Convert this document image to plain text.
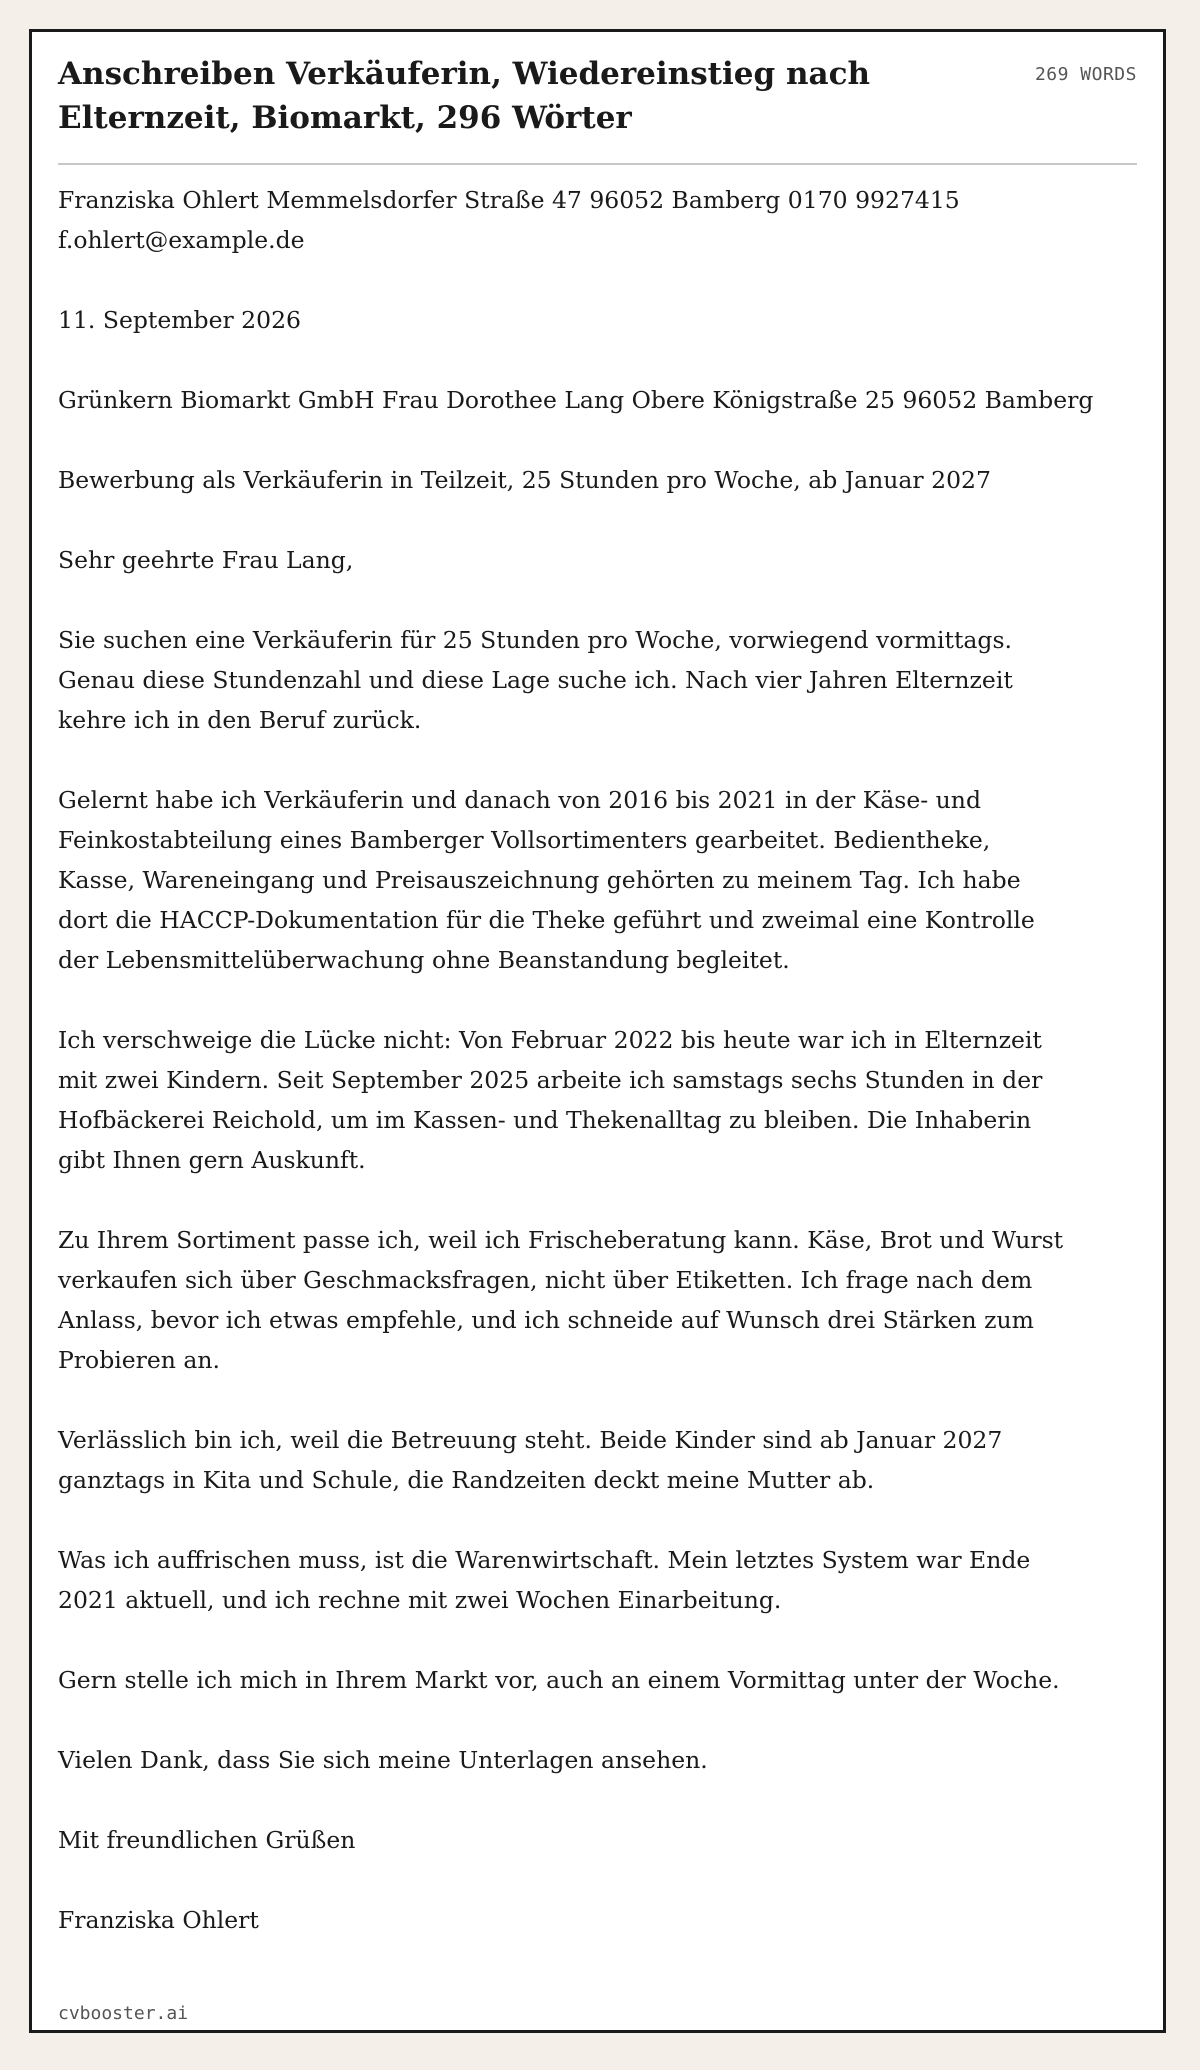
Anschreiben Verkäuferin, Wiedereinstieg nach Elternzeit, Biomarkt, 296 Wörter
269 WORDS

Franziska Ohlert Memmelsdorfer Straße 47 96052 Bamberg 0170 9927415 f.ohlert@example.de

11. September 2026

Grünkern Biomarkt GmbH Frau Dorothee Lang Obere Königstraße 25 96052 Bamberg

Bewerbung als Verkäuferin in Teilzeit, 25 Stunden pro Woche, ab Januar 2027

Sehr geehrte Frau Lang,

Sie suchen eine Verkäuferin für 25 Stunden pro Woche, vorwiegend vormittags. Genau diese Stundenzahl und diese Lage suche ich. Nach vier Jahren Elternzeit kehre ich in den Beruf zurück.

Gelernt habe ich Verkäuferin und danach von 2016 bis 2021 in der Käse- und Feinkostabteilung eines Bamberger Vollsortimenters gearbeitet. Bedientheke, Kasse, Wareneingang und Preisauszeichnung gehörten zu meinem Tag. Ich habe dort die HACCP-Dokumentation für die Theke geführt und zweimal eine Kontrolle der Lebensmittelüberwachung ohne Beanstandung begleitet.

Ich verschweige die Lücke nicht: Von Februar 2022 bis heute war ich in Elternzeit mit zwei Kindern. Seit September 2025 arbeite ich samstags sechs Stunden in der Hofbäckerei Reichold, um im Kassen- und Thekenalltag zu bleiben. Die Inhaberin gibt Ihnen gern Auskunft.

Zu Ihrem Sortiment passe ich, weil ich Frischeberatung kann. Käse, Brot und Wurst verkaufen sich über Geschmacksfragen, nicht über Etiketten. Ich frage nach dem Anlass, bevor ich etwas empfehle, und ich schneide auf Wunsch drei Stärken zum Probieren an.

Verlässlich bin ich, weil die Betreuung steht. Beide Kinder sind ab Januar 2027 ganztags in Kita und Schule, die Randzeiten deckt meine Mutter ab.

Was ich auffrischen muss, ist die Warenwirtschaft. Mein letztes System war Ende 2021 aktuell, und ich rechne mit zwei Wochen Einarbeitung.

Gern stelle ich mich in Ihrem Markt vor, auch an einem Vormittag unter der Woche.

Vielen Dank, dass Sie sich meine Unterlagen ansehen.

Mit freundlichen Grüßen

Franziska Ohlert

cvbooster.ai
